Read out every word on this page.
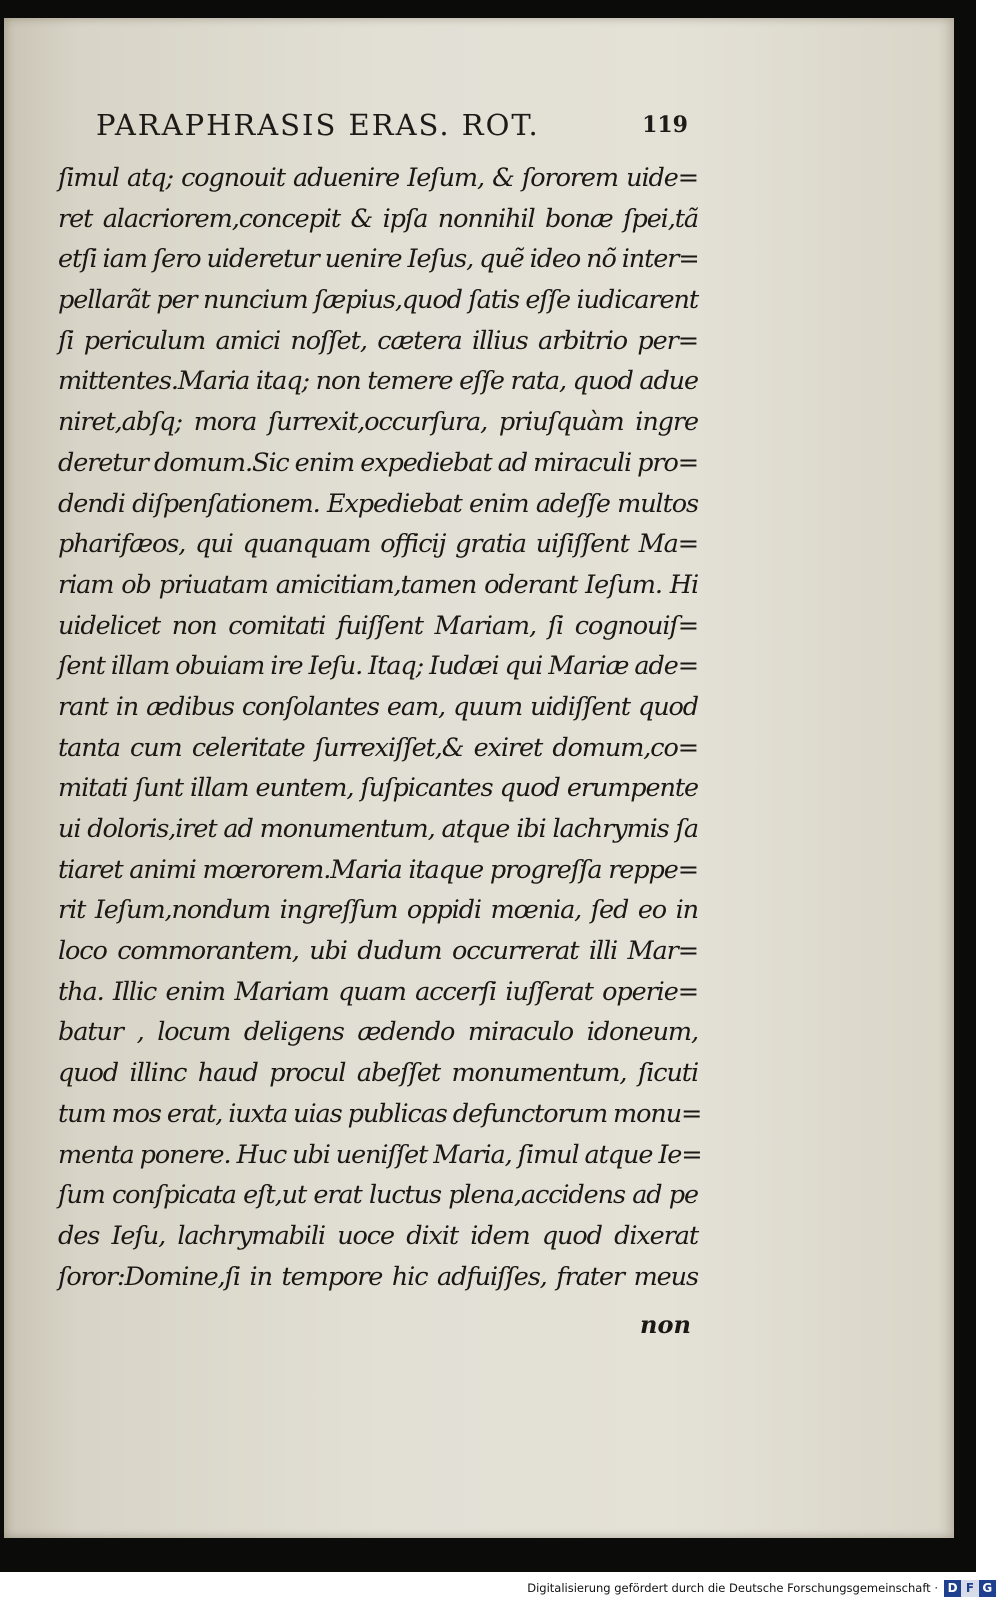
PARAPHRASIS ERAS. ROT.	119
ſimul atq; cognouit aduenire Ieſum, & ſororem uide=
ret alacriorem,concepit & ipſa nonnihil bonæ ſpei,tã
etſi iam ſero uideretur uenire Ieſus, quẽ ideo nõ inter=
pellarãt per nuncium ſæpius,quod ſatis eſſe iudicarent
ſi periculum amici noſſet, cætera illius arbitrio per=
mittentes.Maria itaq; non temere eſſe rata, quod adue
niret,abſq; mora ſurrexit,occurſura, priuſquàm ingre
deretur domum.Sic enim expediebat ad miraculi pro=
dendi diſpenſationem. Expediebat enim adeſſe multos
pharifæos, qui quanquam officij gratia uiſiſſent Ma=
riam ob priuatam amicitiam,tamen oderant Ieſum. Hi
uidelicet non comitati fuiſſent Mariam, ſi cognouiſ=
ſent illam obuiam ire Ieſu. Itaq; Iudæi qui Mariæ ade=
rant in ædibus conſolantes eam, quum uidiſſent quod
tanta cum celeritate ſurrexiſſet,& exiret domum,co=
mitati ſunt illam euntem, ſuſpicantes quod erumpente
ui doloris,iret ad monumentum, atque ibi lachrymis ſa
tiaret animi mœrorem.Maria itaque progreſſa reppe=
rit Ieſum,nondum ingreſſum oppidi mœnia, ſed eo in
loco commorantem, ubi dudum occurrerat illi Mar=
tha. Illic enim Mariam quam accerſi iuſſerat operie=
batur , locum deligens ædendo miraculo idoneum,
quod illinc haud procul abeſſet monumentum, ſicuti
tum mos erat, iuxta uias publicas defunctorum monu=
menta ponere. Huc ubi ueniſſet Maria, ſimul atque Ie=
ſum conſpicata eſt,ut erat luctus plena,accidens ad pe
des Ieſu, lachrymabili uoce dixit idem quod dixerat
ſoror:Domine,ſi in tempore hic adfuiſſes, frater meus
non
Digitalisierung gefördert durch die Deutsche Forschungsgemeinschaft · D F G
